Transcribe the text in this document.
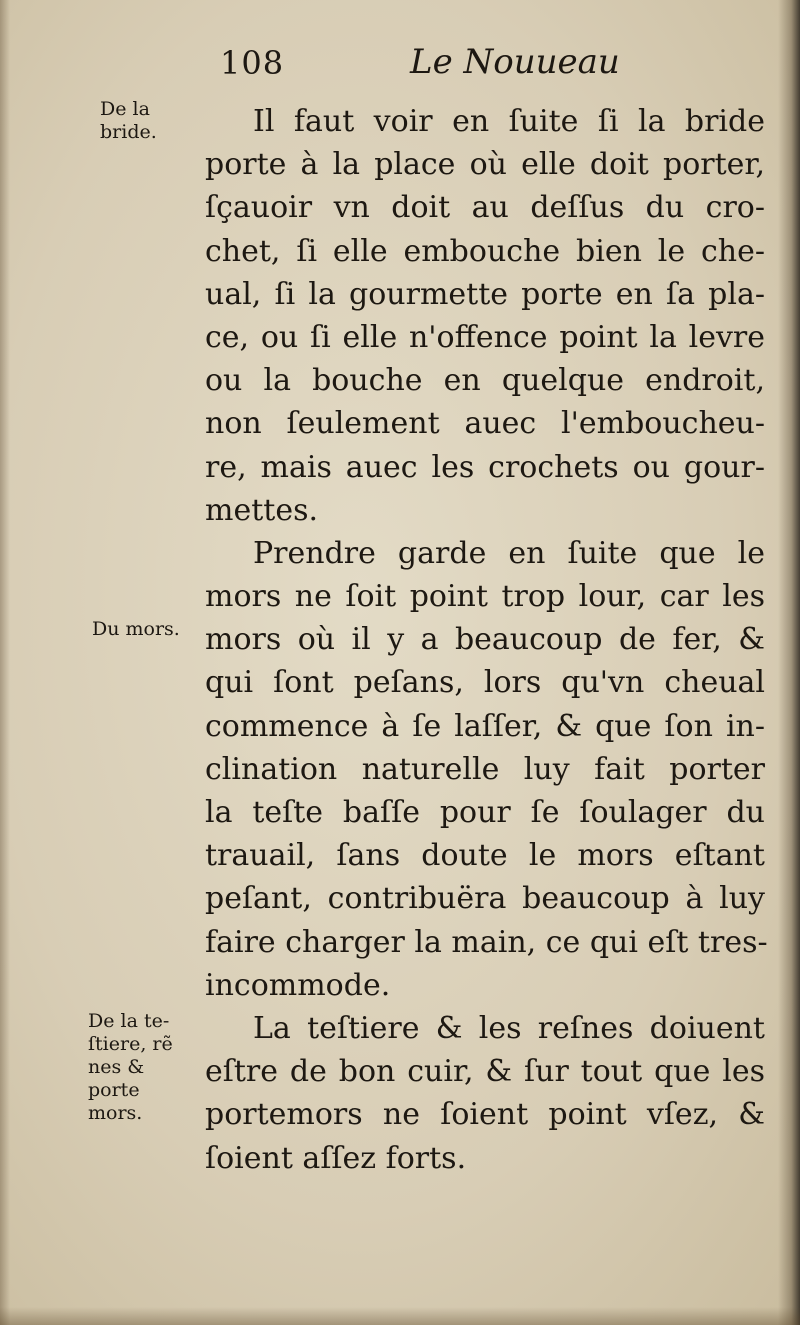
108	Le Nouueau
De la
bride.
Du mors.
De la te-
ſtiere, rẽ
nes &
porte
mors.
Il faut voir en ſuite ſi la bride
porte à la place où elle doit porter,
ſçauoir vn doit au deſſus du cro-
chet, ſi elle embouche bien le che-
ual, ſi la gourmette porte en ſa pla-
ce, ou ſi elle n'offence point la levre
ou la bouche en quelque endroit,
non ſeulement auec l'emboucheu-
re, mais auec les crochets ou gour-
mettes.
Prendre garde en ſuite que le
mors ne ſoit point trop lour, car les
mors où il y a beaucoup de fer, &
qui ſont peſans, lors qu'vn cheual
commence à ſe laſſer, & que ſon in-
clination naturelle luy fait porter
la teſte baſſe pour ſe ſoulager du
trauail, ſans doute le mors eſtant
peſant, contribuëra beaucoup à luy
faire charger la main, ce qui eſt tres-
incommode.
La teſtiere & les reſnes doiuent
eſtre de bon cuir, & ſur tout que les
portemors ne ſoient point vſez, &
ſoient aſſez forts.
